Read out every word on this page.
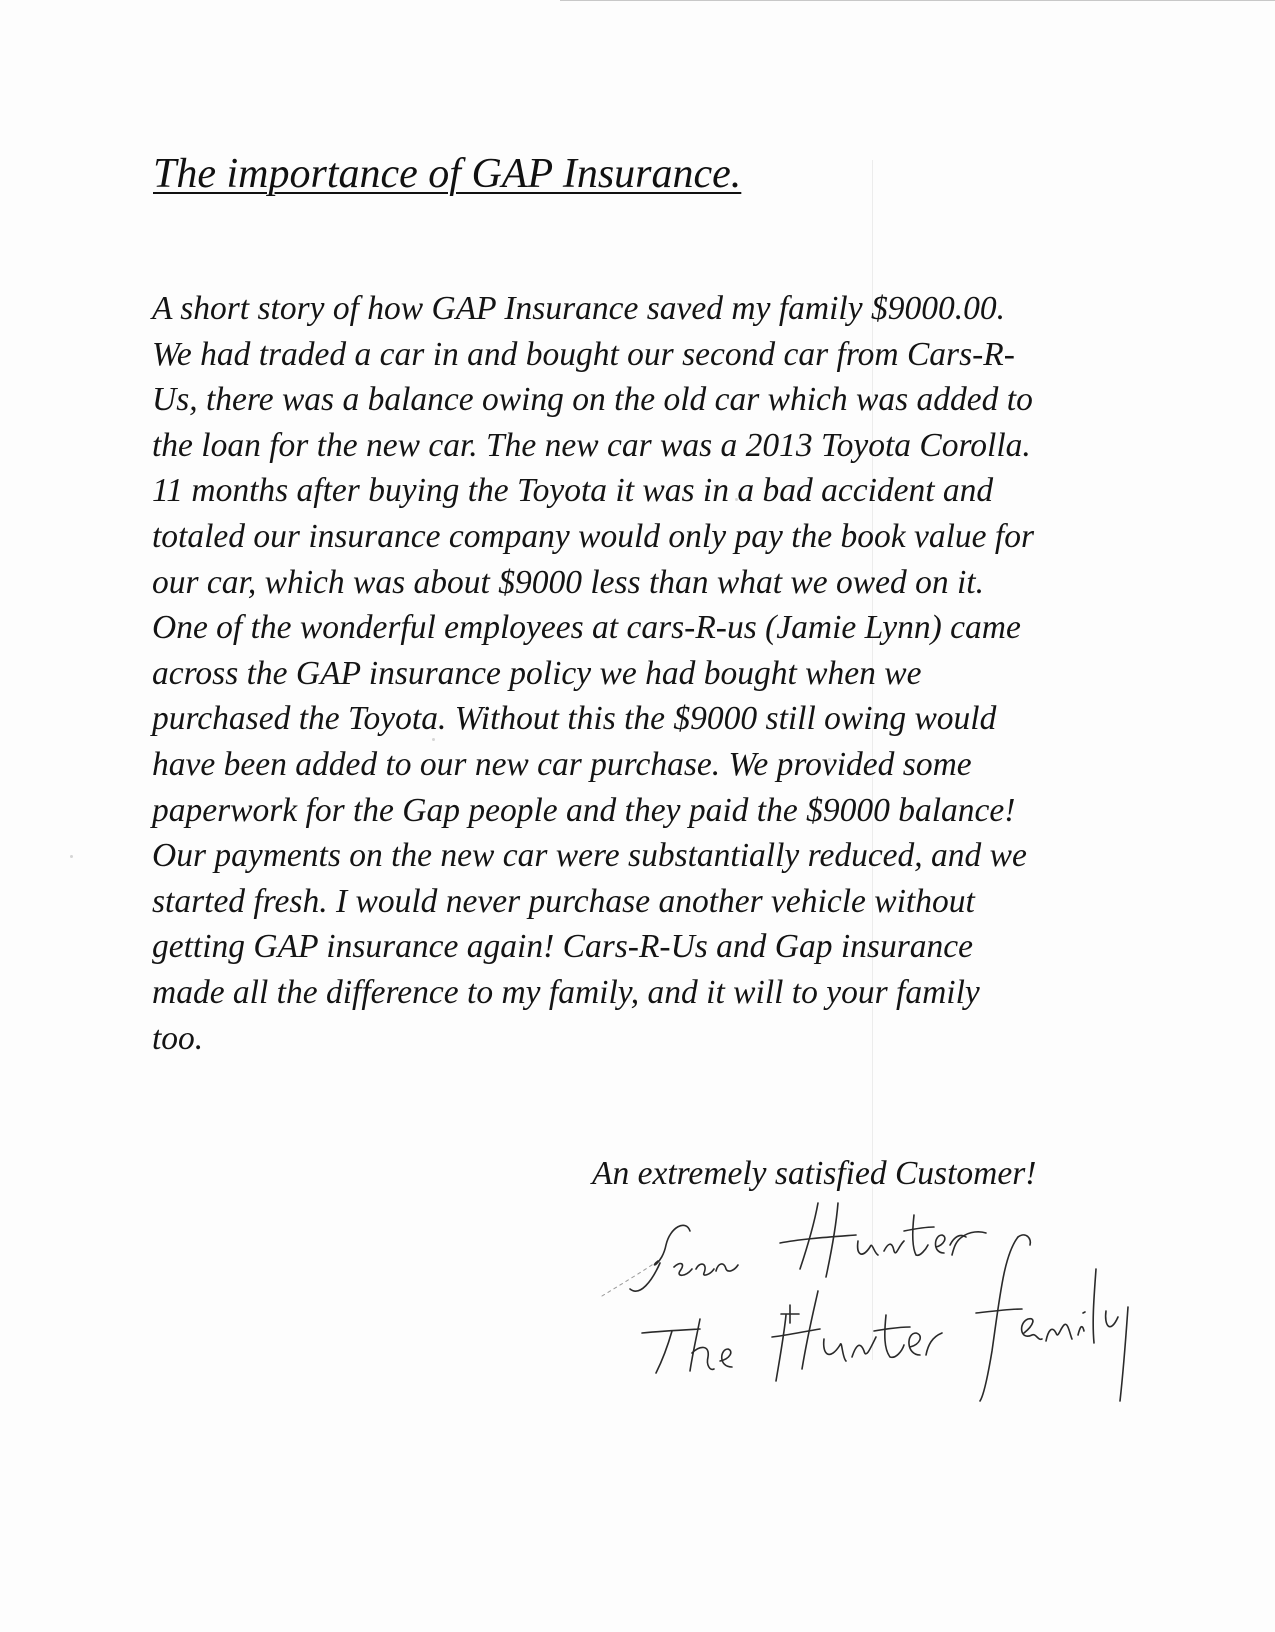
The importance of GAP Insurance.
A short story of how GAP Insurance saved my family $9000.00.
We had traded a car in and bought our second car from Cars-R-
Us, there was a balance owing on the old car which was added to
the loan for the new car. The new car was a 2013 Toyota Corolla.
11 months after buying the Toyota it was in a bad accident and
totaled our insurance company would only pay the book value for
our car, which was about $9000 less than what we owed on it.
One of the wonderful employees at cars-R-us (Jamie Lynn) came
across the GAP insurance policy we had bought when we
purchased the Toyota. Without this the $9000 still owing would
have been added to our new car purchase. We provided some
paperwork for the Gap people and they paid the $9000 balance!
Our payments on the new car were substantially reduced, and we
started fresh. I would never purchase another vehicle without
getting GAP insurance again! Cars-R-Us and Gap insurance
made all the difference to my family, and it will to your family
too.

An extremely satisfied Customer!
